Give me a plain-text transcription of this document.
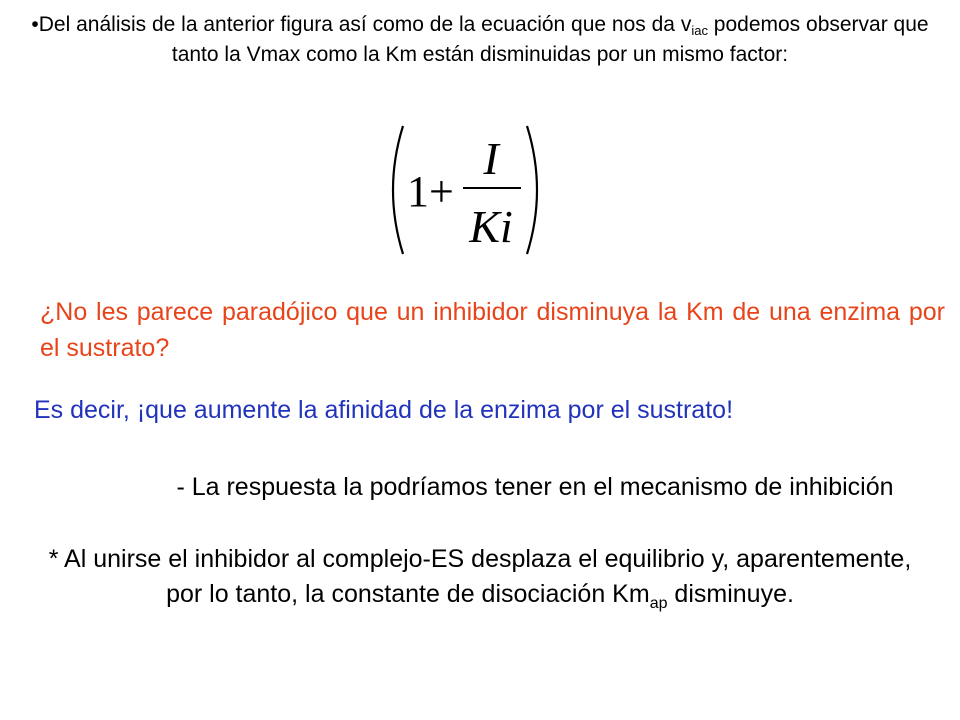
•Del análisis de la anterior figura así como de la ecuación que nos da $v_{iac}$ podemos observar que tanto la Vmax como la Km están disminuidas por un mismo factor:
1+
I
Ki
¿No les parece paradójico que un inhibidor disminuya la Km de una enzima por el sustrato?
Es decir, ¡que aumente la afinidad de la enzima por el sustrato!
- La respuesta la podríamos tener en el mecanismo de inhibición
* Al unirse el inhibidor al complejo-ES desplaza el equilibrio y, aparentemente, por lo tanto, la constante de disociación $Km_{ap}$ disminuye.
